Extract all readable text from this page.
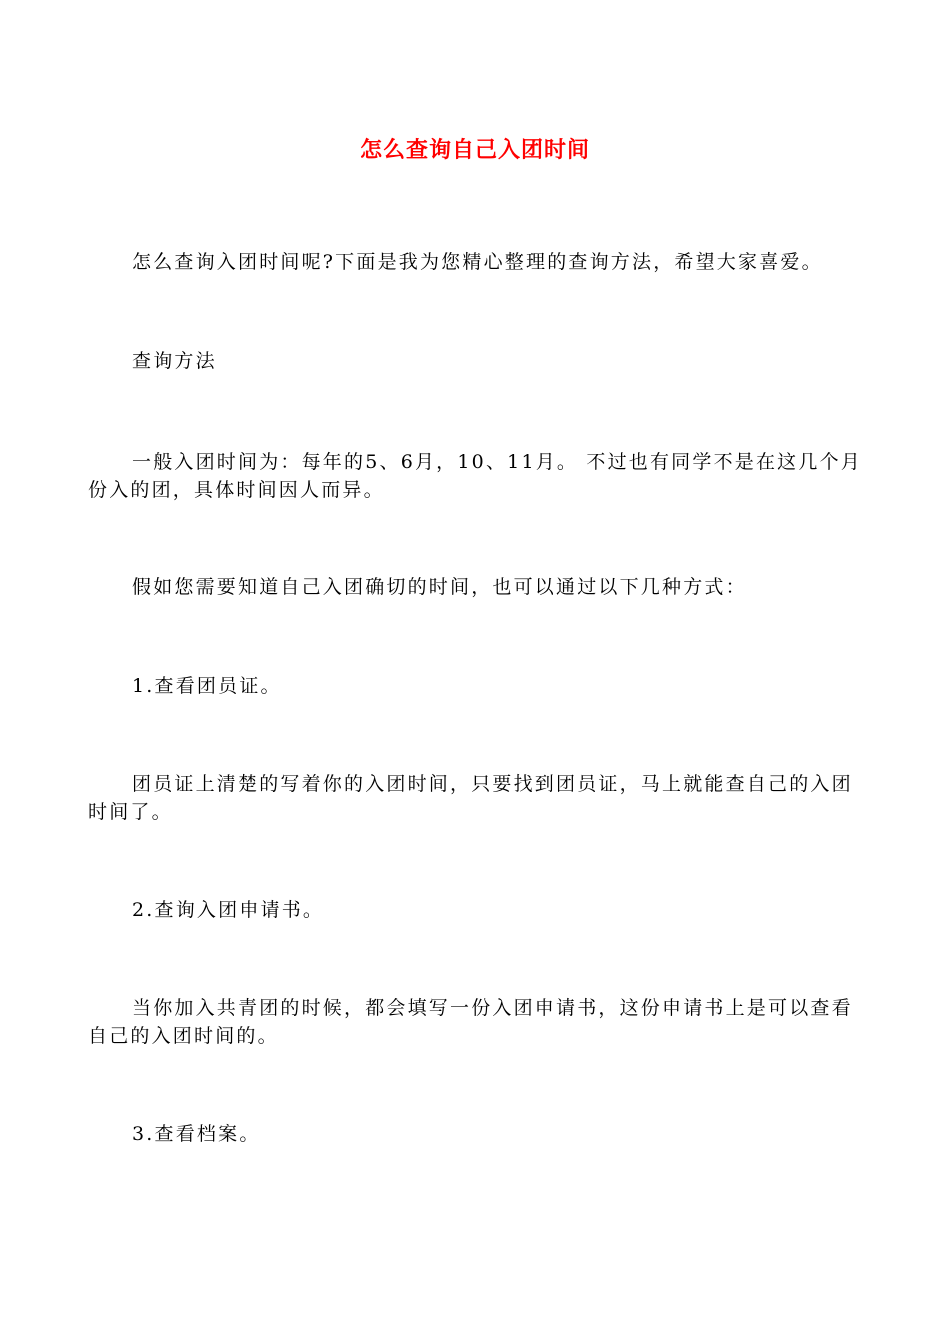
怎么查询自己入团时间

怎么查询入团时间呢?下面是我为您精心整理的查询方法，希望大家喜爱。

查询方法

一般入团时间为：每年的5、6月，10、11月。 不过也有同学不是在这几个月份入的团，具体时间因人而异。

假如您需要知道自己入团确切的时间，也可以通过以下几种方式：

1.查看团员证。

团员证上清楚的写着你的入团时间，只要找到团员证，马上就能查自己的入团时间了。

2.查询入团申请书。

当你加入共青团的时候，都会填写一份入团申请书，这份申请书上是可以查看自己的入团时间的。

3.查看档案。
